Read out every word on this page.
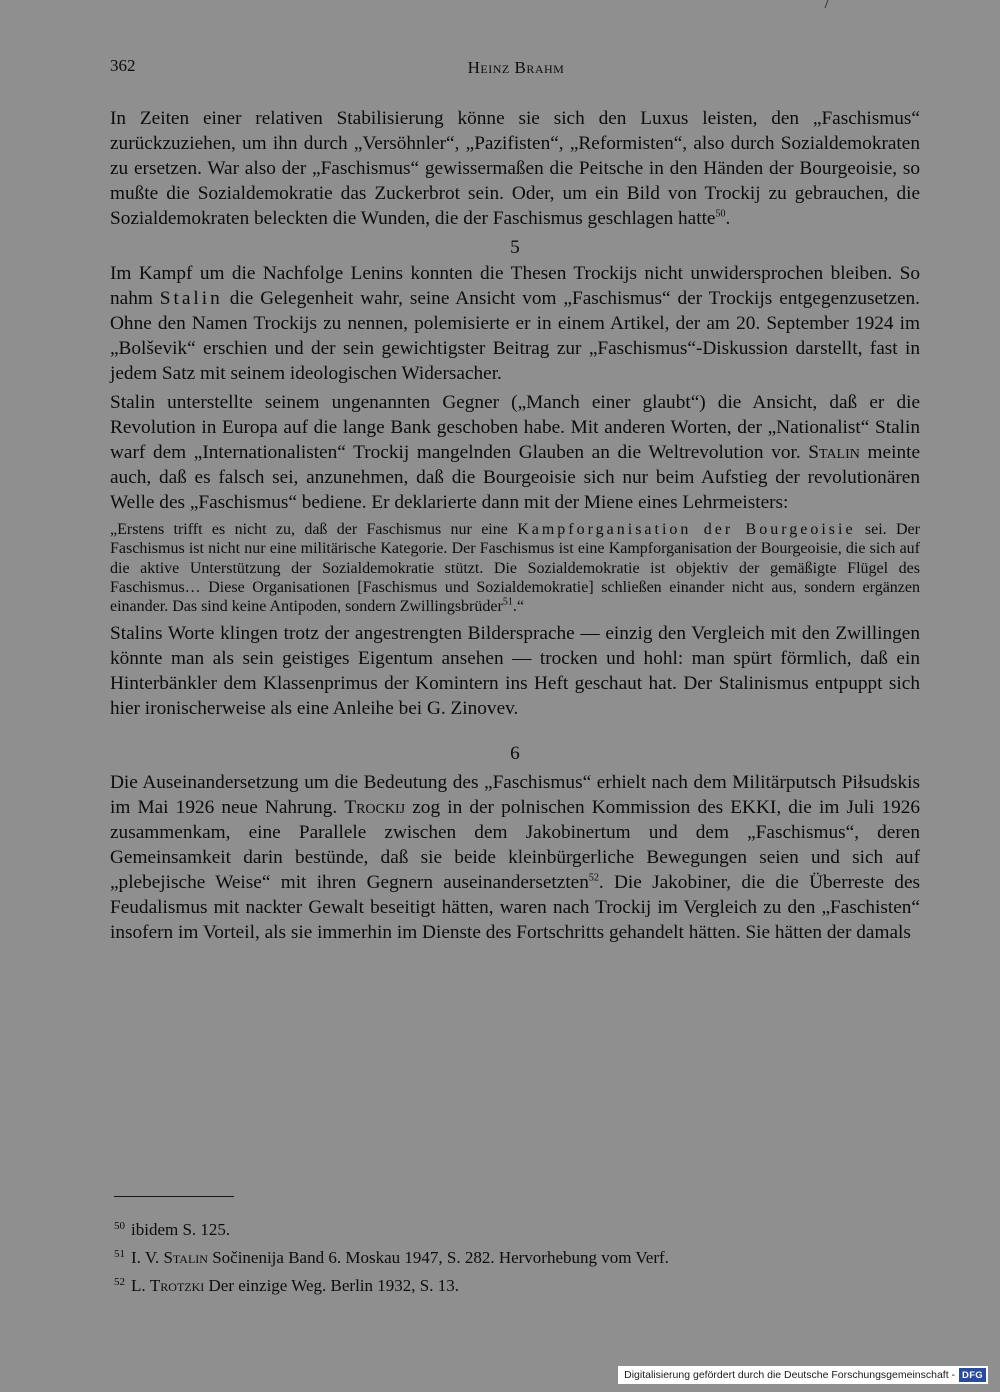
362	Heinz Brahm

In Zeiten einer relativen Stabilisierung könne sie sich den Luxus leisten, den „Faschismus“ zurückzuziehen, um ihn durch „Versöhnler“, „Pazifisten“, „Reformisten“, also durch Sozialdemokraten zu ersetzen. War also der „Faschismus“ gewissermaßen die Peitsche in den Händen der Bourgeoisie, so mußte die Sozialdemokratie das Zuckerbrot sein. Oder, um ein Bild von Trockij zu gebrauchen, die Sozialdemokraten beleckten die Wunden, die der Faschismus geschlagen hatte$^{50}$.

5

Im Kampf um die Nachfolge Lenins konnten die Thesen Trockijs nicht unwidersprochen bleiben. So nahm Stalin die Gelegenheit wahr, seine Ansicht vom „Faschismus“ der Trockijs entgegenzusetzen. Ohne den Namen Trockijs zu nennen, polemisierte er in einem Artikel, der am 20. September 1924 im „Bolševik“ erschien und der sein gewichtigster Beitrag zur „Faschismus“-Diskussion darstellt, fast in jedem Satz mit seinem ideologischen Widersacher.

Stalin unterstellte seinem ungenannten Gegner („Manch einer glaubt“) die Ansicht, daß er die Revolution in Europa auf die lange Bank geschoben habe. Mit anderen Worten, der „Nationalist“ Stalin warf dem „Internationalisten“ Trockij mangelnden Glauben an die Weltrevolution vor. Stalin meinte auch, daß es falsch sei, anzunehmen, daß die Bourgeoisie sich nur beim Aufstieg der revolutionären Welle des „Faschismus“ bediene. Er deklarierte dann mit der Miene eines Lehrmeisters:

„Erstens trifft es nicht zu, daß der Faschismus nur eine Kampforganisation der Bourgeoisie sei. Der Faschismus ist nicht nur eine militärische Kategorie. Der Faschismus ist eine Kampforganisation der Bourgeoisie, die sich auf die aktive Unterstützung der Sozialdemokratie stützt. Die Sozialdemokratie ist objektiv der gemäßigte Flügel des Faschismus… Diese Organisationen [Faschismus und Sozialdemokratie] schließen einander nicht aus, sondern ergänzen einander. Das sind keine Antipoden, sondern Zwillingsbrüder$^{51}$.“

Stalins Worte klingen trotz der angestrengten Bildersprache — einzig den Vergleich mit den Zwillingen könnte man als sein geistiges Eigentum ansehen — trocken und hohl: man spürt förmlich, daß ein Hinterbänkler dem Klassenprimus der Komintern ins Heft geschaut hat. Der Stalinismus entpuppt sich hier ironischerweise als eine Anleihe bei G. Zinovev.

6

Die Auseinandersetzung um die Bedeutung des „Faschismus“ erhielt nach dem Militärputsch Piłsudskis im Mai 1926 neue Nahrung. Trockij zog in der polnischen Kommission des EKKI, die im Juli 1926 zusammenkam, eine Parallele zwischen dem Jakobinertum und dem „Faschismus“, deren Gemeinsamkeit darin bestünde, daß sie beide kleinbürgerliche Bewegungen seien und sich auf „plebejische Weise“ mit ihren Gegnern auseinandersetzten$^{52}$. Die Jakobiner, die die Überreste des Feudalismus mit nackter Gewalt beseitigt hätten, waren nach Trockij im Vergleich zu den „Faschisten“ insofern im Vorteil, als sie immerhin im Dienste des Fortschritts gehandelt hätten. Sie hätten der damals

$^{50}$ ibidem S. 125.
$^{51}$ I. V. Stalin Sočinenija Band 6. Moskau 1947, S. 282. Hervorhebung vom Verf.
$^{52}$ L. Trotzki Der einzige Weg. Berlin 1932, S. 13.
Digitalisierung gefördert durch die Deutsche Forschungsgemeinschaft - DFG
